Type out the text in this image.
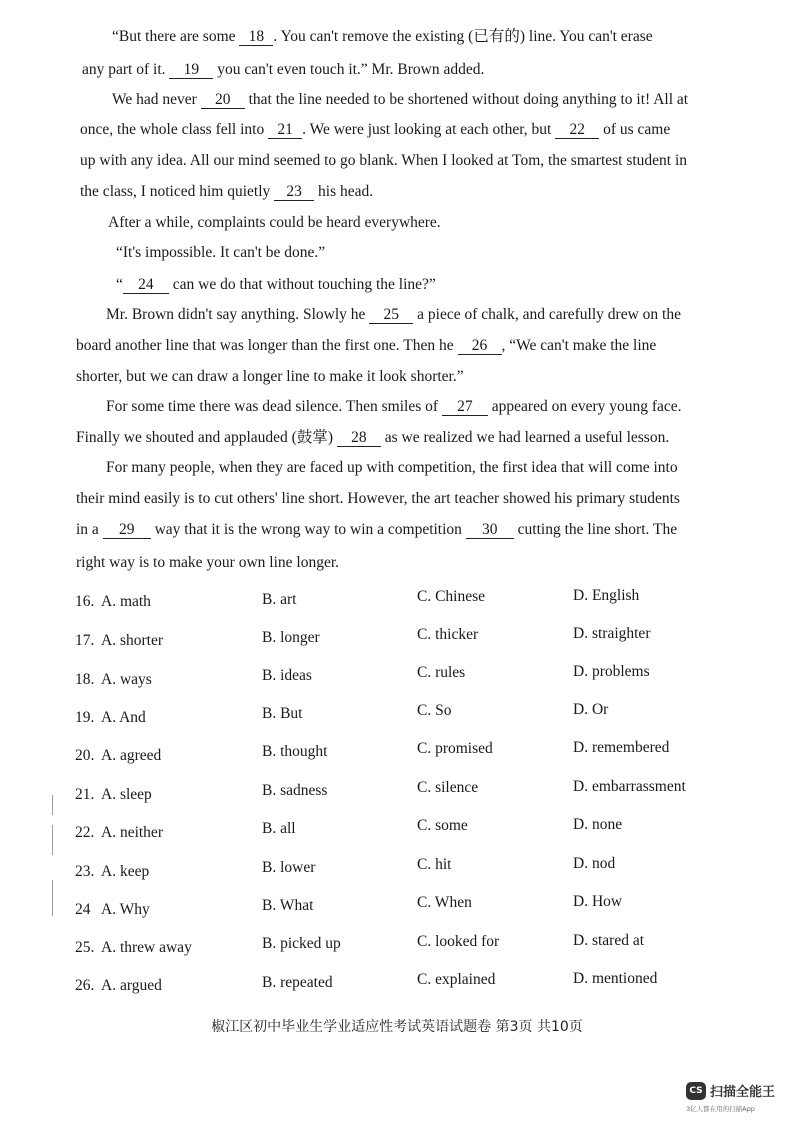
“But there are some 18 . You can't remove the existing (已有的) line. You can't erase
any part of it. 19 you can't even touch it.” Mr. Brown added.
We had never 20 that the line needed to be shortened without doing anything to it! All at
once, the whole class fell into 21 . We were just looking at each other, but 22 of us came
up with any idea. All our mind seemed to go blank. When I looked at Tom, the smartest student in
the class, I noticed him quietly 23 his head.
After a while, complaints could be heard everywhere.
“It's impossible. It can't be done.”
“ 24 can we do that without touching the line?”
Mr. Brown didn't say anything. Slowly he 25 a piece of chalk, and carefully drew on the
board another line that was longer than the first one. Then he 26 , “We can't make the line
shorter, but we can draw a longer line to make it look shorter.”
For some time there was dead silence. Then smiles of 27 appeared on every young face.
Finally we shouted and applauded (鼓掌) 28 as we realized we had learned a useful lesson.
For many people, when they are faced up with competition, the first idea that will come into
their mind easily is to cut others' line short. However, the art teacher showed his primary students
in a 29 way that it is the wrong way to win a competition 30 cutting the line short. The
right way is to make your own line longer.
16. A. math	B. art	C. Chinese	D. English
17. A. shorter	B. longer	C. thicker	D. straighter
18. A. ways	B. ideas	C. rules	D. problems
19. A. And	B. But	C. So	D. Or
20. A. agreed	B. thought	C. promised	D. remembered
21. A. sleep	B. sadness	C. silence	D. embarrassment
22. A. neither	B. all	C. some	D. none
23. A. keep	B. lower	C. hit	D. nod
24 A. Why	B. What	C. When	D. How
25. A. threw away	B. picked up	C. looked for	D. stared at
26. A. argued	B. repeated	C. explained	D. mentioned
椒江区初中毕业生学业适应性考试英语试题卷 第3页 共10页
CS 扫描全能王
3亿人都在用的扫描App
